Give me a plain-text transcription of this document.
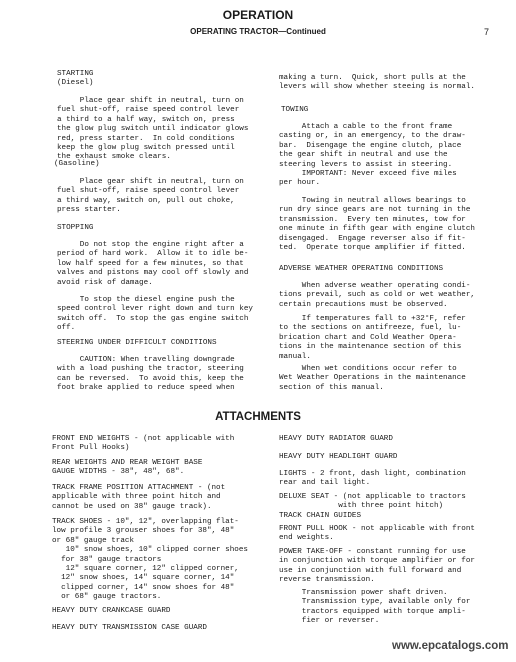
OPERATION
7
OPERATING TRACTOR—Continued
STARTING
(Diesel)
Place gear shift in neutral, turn on
fuel shut-off, raise speed control lever
a third to a half way, switch on, press
the glow plug switch until indicator glows
red, press starter.  In cold conditions
keep the glow plug switch pressed until
the exhaust smoke clears.
(Gasoline)
Place gear shift in neutral, turn on
fuel shut-off, raise speed control lever
a third way, switch on, pull out choke,
press starter.
STOPPING
Do not stop the engine right after a
period of hard work.  Allow it to idle be-
low half speed for a few minutes, so that
valves and pistons may cool off slowly and
avoid risk of damage.
To stop the diesel engine push the
speed control lever right down and turn key
switch off.  To stop the gas engine switch
off.
STEERING UNDER DIFFICULT CONDITIONS
CAUTION: When travelling downgrade
with a load pushing the tractor, steering
can be reversed.  To avoid this, keep the
foot brake applied to reduce speed when
making a turn.  Quick, short pulls at the
levers will show whether steeing is normal.
TOWING
Attach a cable to the front frame
casting or, in an emergency, to the draw-
bar.  Disengage the engine clutch, place
the gear shift in neutral and use the
steering levers to assist in steering.
IMPORTANT: Never exceed five miles
per hour.
Towing in neutral allows bearings to
run dry since gears are not turning in the
transmission.  Every ten minutes, tow for
one minute in fifth gear with engine clutch
disengaged.  Engage reverser also if fit-
ted.  Operate torque amplifier if fitted.
ADVERSE WEATHER OPERATING CONDITIONS
When adverse weather operating condi-
tions prevail, such as cold or wet weather,
certain precautions must be observed.
If temperatures fall to +32°F, refer
to the sections on antifreeze, fuel, lu-
brication chart and Cold Weather Opera-
tions in the maintenance section of this
manual.
When wet conditions occur refer to
Wet Weather Operations in the maintenance
section of this manual.
ATTACHMENTS
FRONT END WEIGHTS - (not applicable with
Front Pull Hooks)
REAR WEIGHTS AND REAR WEIGHT BASE
GAUGE WIDTHS - 38", 48", 68".
TRACK FRAME POSITION ATTACHMENT - (not
applicable with three point hitch and
cannot be used on 38" gauge track).
TRACK SHOES - 10", 12", overlapping flat-
low profile 3 grouser shoes for 38", 48"
or 68" gauge track
10" snow shoes, 10" clipped corner shoes
for 38" gauge tractors
12" square corner, 12" clipped corner,
12" snow shoes, 14" square corner, 14"
clipped corner, 14" snow shoes for 48"
or 68" gauge tractors.
HEAVY DUTY CRANKCASE GUARD
HEAVY DUTY TRANSMISSION CASE GUARD
HEAVY DUTY RADIATOR GUARD
HEAVY DUTY HEADLIGHT GUARD
LIGHTS - 2 front, dash light, combination
rear and tail light.
DELUXE SEAT - (not applicable to tractors
with three point hitch)
TRACK CHAIN GUIDES
FRONT PULL HOOK - not applicable with front
end weights.
POWER TAKE-OFF - constant running for use
in conjunction with torque amplifier or for
use in conjunction with full forward and
reverse transmission.
Transmission power shaft driven.
Transmission type, available only for
tractors equipped with torque ampli-
fier or reverser.
www.epcatalogs.com
